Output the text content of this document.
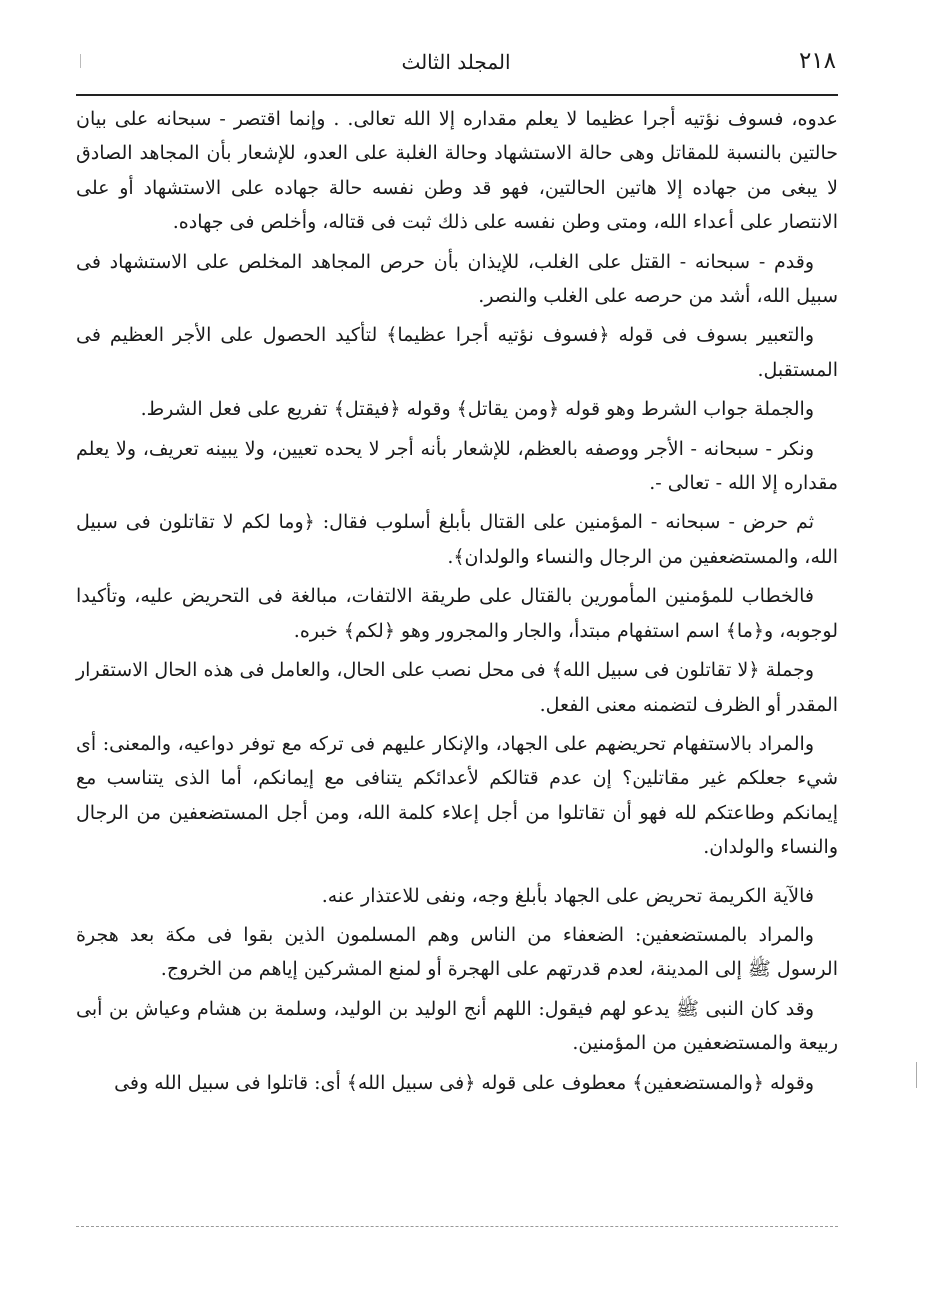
٢١٨
المجلد الثالث

عدوه، فسوف نؤتيه أجرا عظيما لا يعلم مقداره إلا الله تعالى. . وإنما اقتصر - سبحانه على بيان حالتين بالنسبة للمقاتل وهى حالة الاستشهاد وحالة الغلبة على العدو، للإشعار بأن المجاهد الصادق لا يبغى من جهاده إلا هاتين الحالتين، فهو قد وطن نفسه حالة جهاده على الاستشهاد أو على الانتصار على أعداء الله، ومتى وطن نفسه على ذلك ثبت فى قتاله، وأخلص فى جهاده.

وقدم - سبحانه - القتل على الغلب، للإيذان بأن حرص المجاهد المخلص على الاستشهاد فى سبيل الله، أشد من حرصه على الغلب والنصر.

والتعبير بسوف فى قوله ﴿فسوف نؤتيه أجرا عظيما﴾ لتأكيد الحصول على الأجر العظيم فى المستقبل.

والجملة جواب الشرط وهو قوله ﴿ومن يقاتل﴾ وقوله ﴿فيقتل﴾ تفريع على فعل الشرط.

ونكر - سبحانه - الأجر ووصفه بالعظم، للإشعار بأنه أجر لا يحده تعيين، ولا يبينه تعريف، ولا يعلم مقداره إلا الله - تعالى -.

ثم حرض - سبحانه - المؤمنين على القتال بأبلغ أسلوب فقال: ﴿وما لكم لا تقاتلون فى سبيل الله، والمستضعفين من الرجال والنساء والولدان﴾.

فالخطاب للمؤمنين المأمورين بالقتال على طريقة الالتفات، مبالغة فى التحريض عليه، وتأكيدا لوجوبه، و﴿ما﴾ اسم استفهام مبتدأ، والجار والمجرور وهو ﴿لكم﴾ خبره.

وجملة ﴿لا تقاتلون فى سبيل الله﴾ فى محل نصب على الحال، والعامل فى هذه الحال الاستقرار المقدر أو الظرف لتضمنه معنى الفعل.

والمراد بالاستفهام تحريضهم على الجهاد، والإنكار عليهم فى تركه مع توفر دواعيه، والمعنى: أى شيء جعلكم غير مقاتلين؟ إن عدم قتالكم لأعدائكم يتنافى مع إيمانكم، أما الذى يتناسب مع إيمانكم وطاعتكم لله فهو أن تقاتلوا من أجل إعلاء كلمة الله، ومن أجل المستضعفين من الرجال والنساء والولدان.

فالآية الكريمة تحريض على الجهاد بأبلغ وجه، ونفى للاعتذار عنه.

والمراد بالمستضعفين: الضعفاء من الناس وهم المسلمون الذين بقوا فى مكة بعد هجرة الرسول ﷺ إلى المدينة، لعدم قدرتهم على الهجرة أو لمنع المشركين إياهم من الخروج.

وقد كان النبى ﷺ يدعو لهم فيقول: اللهم أنج الوليد بن الوليد، وسلمة بن هشام وعياش بن أبى ربيعة والمستضعفين من المؤمنين.

وقوله ﴿والمستضعفين﴾ معطوف على قوله ﴿فى سبيل الله﴾ أى: قاتلوا فى سبيل الله وفى
